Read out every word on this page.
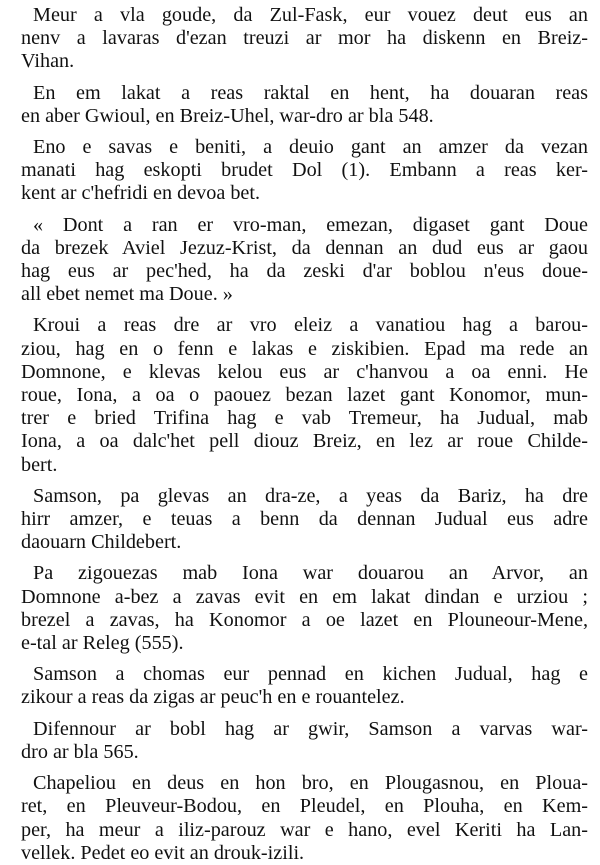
Meur a vla goude, da Zul-Fask, eur vouez deut eus an
nenv a lavaras d'ezan treuzi ar mor ha diskenn en Breiz-
Vihan.
En em lakat a reas raktal en hent, ha douaran reas
en aber Gwioul, en Breiz-Uhel, war-dro ar bla 548.
Eno e savas e beniti, a deuio gant an amzer da vezan
manati hag eskopti brudet Dol (1). Embann a reas ker-
kent ar c'hefridi en devoa bet.
« Dont a ran er vro-man, emezan, digaset gant Doue
da brezek Aviel Jezuz-Krist, da dennan an dud eus ar gaou
hag eus ar pec'hed, ha da zeski d'ar boblou n'eus doue-
all ebet nemet ma Doue. »
Kroui a reas dre ar vro eleiz a vanatiou hag a barou-
ziou, hag en o fenn e lakas e ziskibien. Epad ma rede an
Domnone, e klevas kelou eus ar c'hanvou a oa enni. He
roue, Iona, a oa o paouez bezan lazet gant Konomor, mun-
trer e bried Trifina hag e vab Tremeur, ha Judual, mab
Iona, a oa dalc'het pell diouz Breiz, en lez ar roue Childe-
bert.
Samson, pa glevas an dra-ze, a yeas da Bariz, ha dre
hirr amzer, e teuas a benn da dennan Judual eus adre
daouarn Childebert.
Pa zigouezas mab Iona war douarou an Arvor, an
Domnone a-bez a zavas evit en em lakat dindan e urziou ;
brezel a zavas, ha Konomor a oe lazet en Plouneour-Mene,
e-tal ar Releg (555).
Samson a chomas eur pennad en kichen Judual, hag e
zikour a reas da zigas ar peuc'h en e rouantelez.
Difennour ar bobl hag ar gwir, Samson a varvas war-
dro ar bla 565.
Chapeliou en deus en hon bro, en Plougasnou, en Ploua-
ret, en Pleuveur-Bodou, en Pleudel, en Plouha, en Kem-
per, ha meur a iliz-parouz war e hano, evel Keriti ha Lan-
vellek. Pedet eo evit an drouk-izili.
